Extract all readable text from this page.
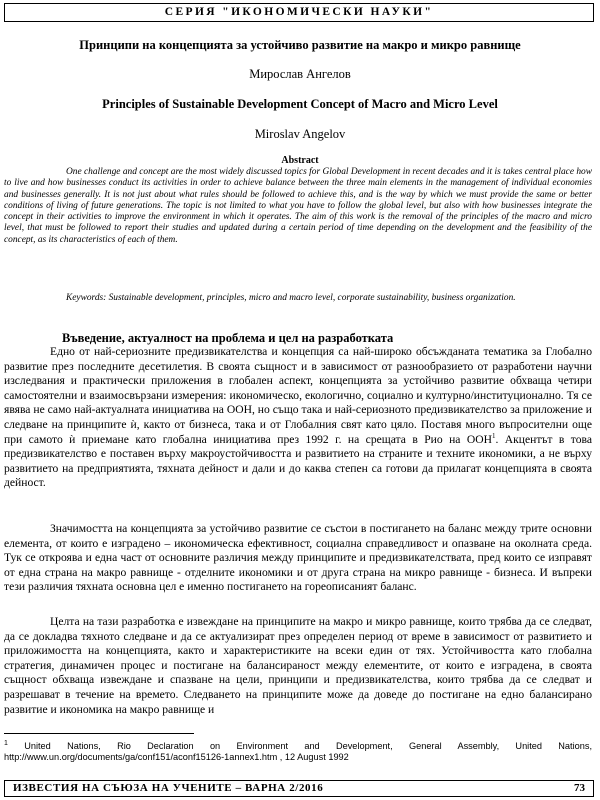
СЕРИЯ "ИКОНОМИЧЕСКИ НАУКИ"
Принципи на концепцията за устойчиво развитие на макро и микро равнище
Мирослав Ангелов
Principles of Sustainable Development Concept of Macro and Micro Level
Miroslav Angelov
Abstract

One challenge and concept are the most widely discussed topics for Global Development in recent decades and it is takes central place how to live and how businesses conduct its activities in order to achieve balance between the three main elements in the management of individual economies and businesses generally. It is not just about what rules should be followed to achieve this, and is the way by which we must provide the same or better conditions of living of future generations. The topic is not limited to what you have to follow the global level, but also with how businesses integrate the concept in their activities to improve the environment in which it operates. The aim of this work is the removal of the principles of the macro and micro level, that must be followed to report their studies and updated during a certain period of time depending on the development and the feasibility of the concept, as its characteristics of each of them.

Keywords: Sustainable development, principles, micro and macro level, corporate sustainability, business organization.

Въведение, актуалност на проблема и цел на разработката

Едно от най-сериозните предизвикателства и концепция са най-широко обсъжданата тематика за Глобално развитие през последните десетилетия. В своята същност и в зависимост от разнообразието от разработени научни изследвания и практически приложения в глобален аспект, концепцията за устойчиво развитие обхваща четири самостоятелни и взаимосвързани измерения: икономическо, екологично, социално и културно/институционално. Тя се явява не само най-актуалната инициатива на ООН, но също така и най-сериозното предизвикателство за приложение и следване на принципите ѝ, както от бизнеса, така и от Глобалния свят като цяло. Поставя много въпросителни още при самото ѝ приемане като глобална инициатива през 1992 г. на срещата в Рио на ООН$^1$. Акцентът в това предизвикателство е поставен върху макроустойчивостта и развитието на страните и техните икономики, а не върху развитието на предприятията, тяхната дейност и дали и до каква степен са готови да прилагат концепцията в своята дейност.

Значимостта на концепцията за устойчиво развитие се състои в постигането на баланс между трите основни елемента, от които е изградено – икономическа ефективност, социална справедливост и опазване на околната среда. Тук се откроява и една част от основните различия между принципите и предизвикателствата, пред които се изправят от една страна на макро равнище - отделните икономики и от друга страна на микро равнище - бизнеса. И въпреки тези различия тяхната основна цел е именно постигането на гореописаният баланс.

Целта на тази разработка е извеждане на принципите на макро и микро равнище, които трябва да се следват, да се докладва тяхното следване и да се актуализират през определен период от време в зависимост от развитието и приложимостта на концепцията, както и характеристиките на всеки един от тях. Устойчивостта като глобална стратегия, динамичен процес и постигане на балансираност между елементите, от които е изградена, в своята същност обхваща извеждане и спазване на цели, принципи и предизвикателства, които трябва да се следват и разрешават в течение на времето. Следването на принципите може да доведе до постигане на едно балансирано развитие и икономика на макро равнище и

$^1$ United Nations, Rio Declaration on Environment and Development, General Assembly, United Nations, http://www.un.org/documents/ga/conf151/aconf15126-1annex1.htm , 12 August 1992

ИЗВЕСТИЯ НА СЪЮЗА НА УЧЕНИТЕ – ВАРНА 2/2016	73
